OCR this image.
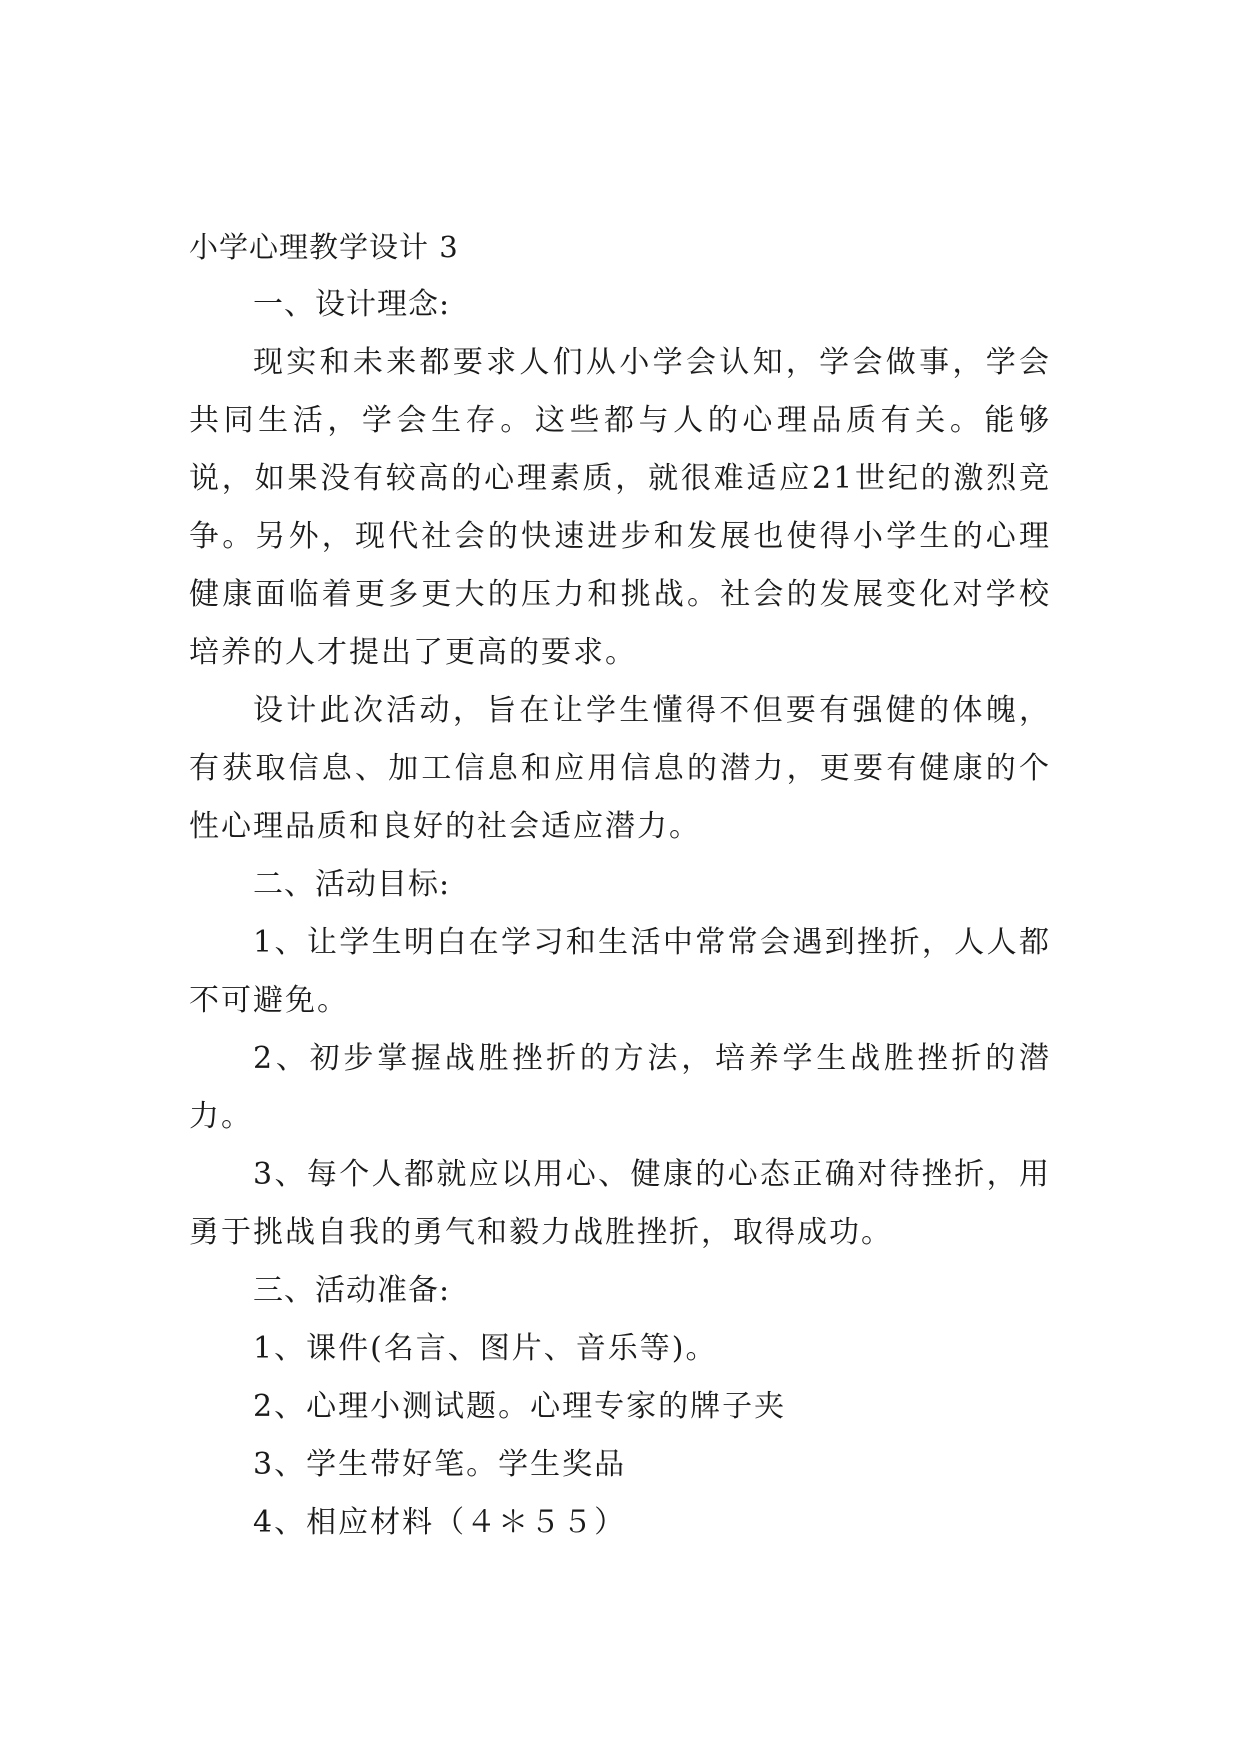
小学心理教学设计 3

一、设计理念:

现实和未来都要求人们从小学会认知，学会做事，学会共同生活，学会生存。这些都与人的心理品质有关。能够说，如果没有较高的心理素质，就很难适应21世纪的激烈竞争。另外，现代社会的快速进步和发展也使得小学生的心理健康面临着更多更大的压力和挑战。社会的发展变化对学校培养的人才提出了更高的要求。

设计此次活动，旨在让学生懂得不但要有强健的体魄，有获取信息、加工信息和应用信息的潜力，更要有健康的个性心理品质和良好的社会适应潜力。

二、活动目标:

1、让学生明白在学习和生活中常常会遇到挫折，人人都不可避免。

2、初步掌握战胜挫折的方法，培养学生战胜挫折的潜力。

3、每个人都就应以用心、健康的心态正确对待挫折，用勇于挑战自我的勇气和毅力战胜挫折，取得成功。

三、活动准备:

1、课件(名言、图片、音乐等)。

2、心理小测试题。心理专家的牌子夹

3、学生带好笔。学生奖品

4、相应材料（４＊５５）
